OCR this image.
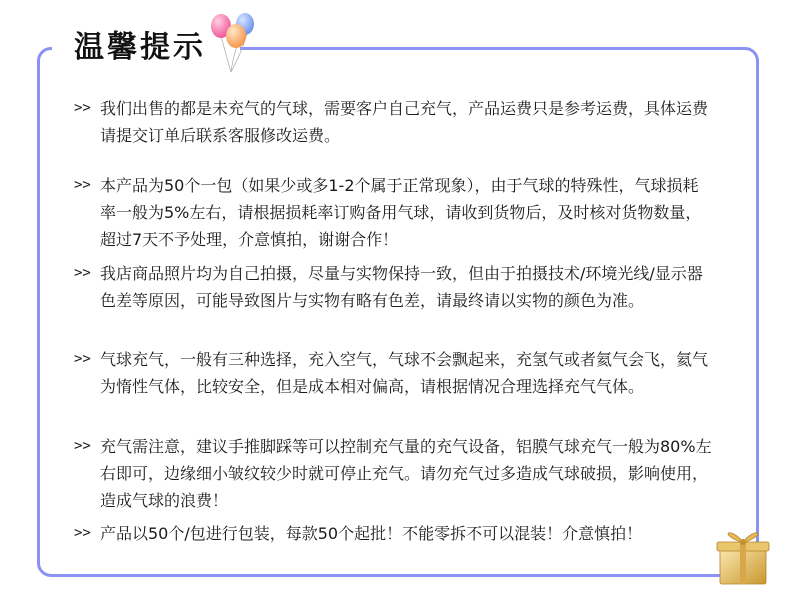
温馨提示
>> 我们出售的都是未充气的气球，需要客户自己充气，产品运费只是参考运费，具体运费请提交订单后联系客服修改运费。
>> 本产品为50个一包（如果少或多1-2个属于正常现象），由于气球的特殊性，气球损耗率一般为5%左右，请根据损耗率订购备用气球，请收到货物后，及时核对货物数量，超过7天不予处理，介意慎拍，谢谢合作！
>> 我店商品照片均为自己拍摄，尽量与实物保持一致，但由于拍摄技术/环境光线/显示器色差等原因，可能导致图片与实物有略有色差，请最终请以实物的颜色为准。
>> 气球充气，一般有三种选择，充入空气，气球不会飘起来，充氢气或者氦气会飞，氦气为惰性气体，比较安全，但是成本相对偏高，请根据情况合理选择充气气体。
>> 充气需注意，建议手推脚踩等可以控制充气量的充气设备，铝膜气球充气一般为80%左右即可，边缘细小皱纹较少时就可停止充气。请勿充气过多造成气球破损，影响使用，造成气球的浪费！
>> 产品以50个/包进行包装，每款50个起批！不能零拆不可以混装！介意慎拍！
